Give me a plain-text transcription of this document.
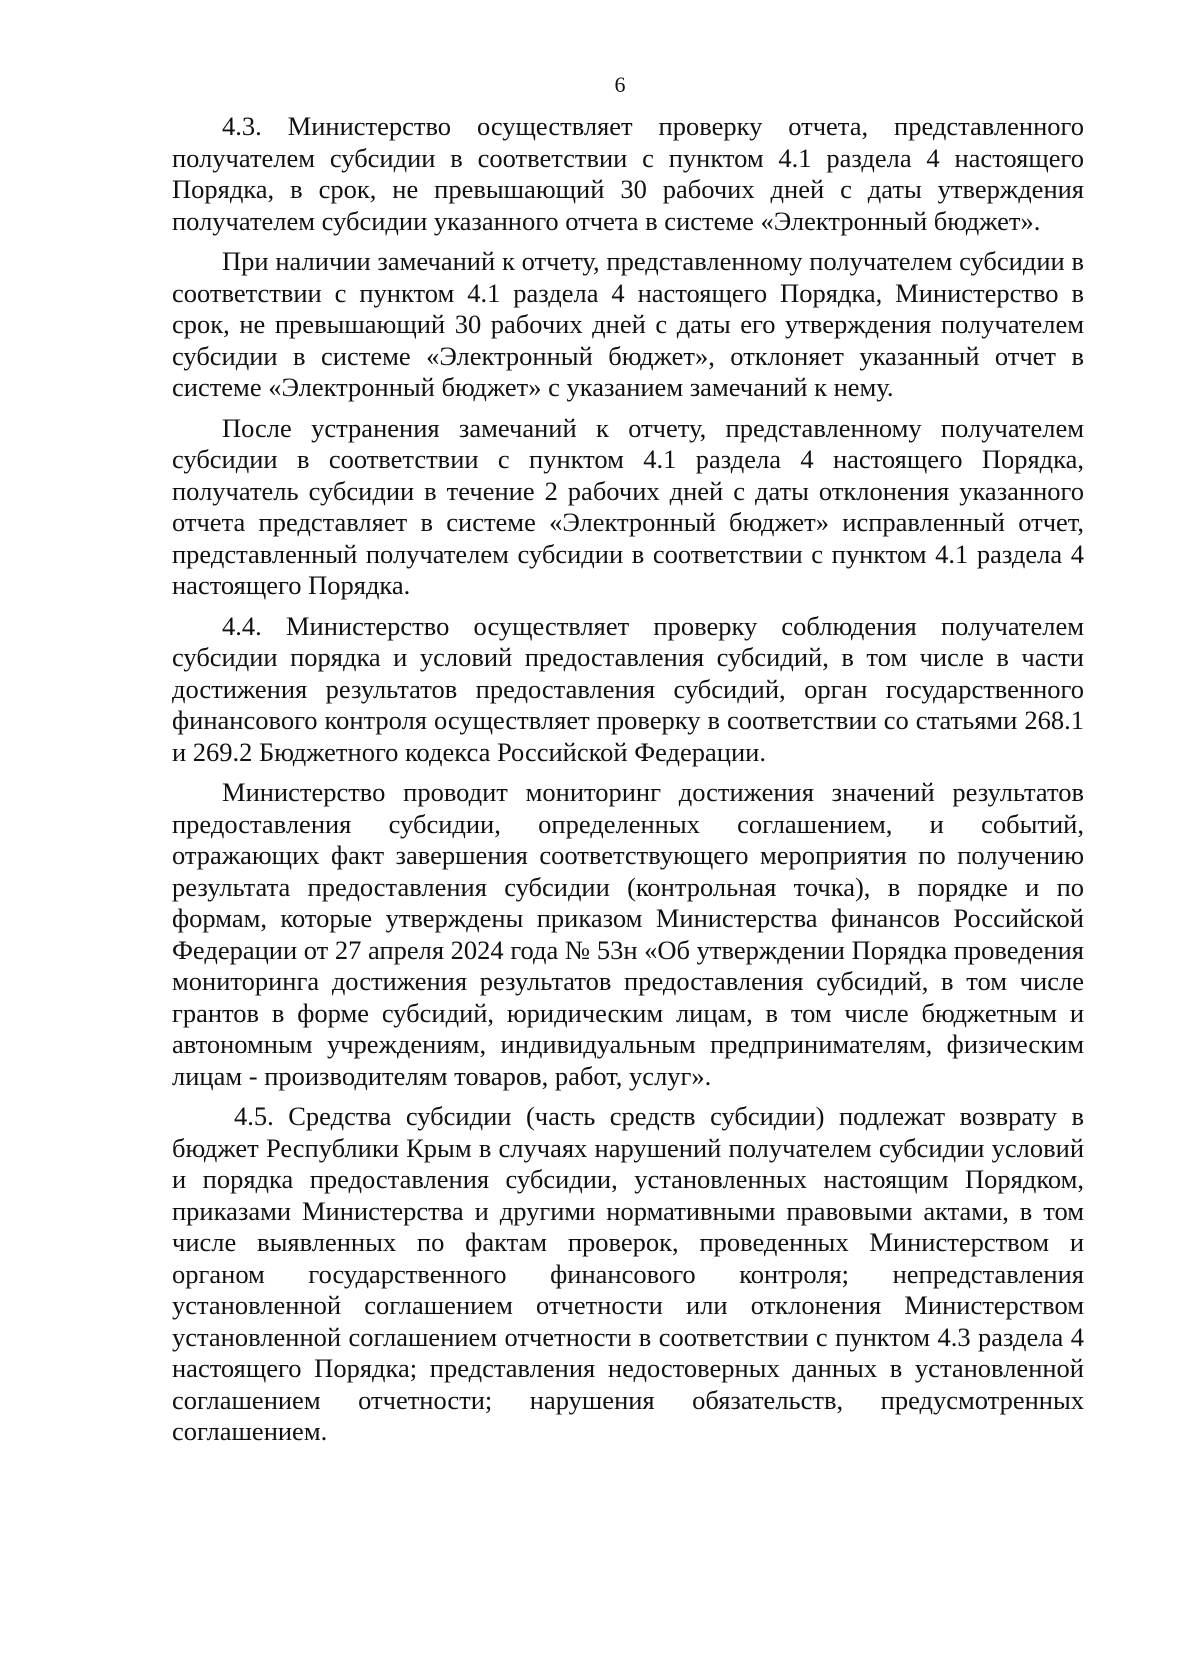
6

4.3. Министерство осуществляет проверку отчета, представленного получателем субсидии в соответствии с пунктом 4.1 раздела 4 настоящего Порядка, в срок, не превышающий 30 рабочих дней с даты утверждения получателем субсидии указанного отчета в системе «Электронный бюджет».

При наличии замечаний к отчету, представленному получателем субсидии в соответствии с пунктом 4.1 раздела 4 настоящего Порядка, Министерство в срок, не превышающий 30 рабочих дней с даты его утверждения получателем субсидии в системе «Электронный бюджет», отклоняет указанный отчет в системе «Электронный бюджет» с указанием замечаний к нему.

После устранения замечаний к отчету, представленному получателем субсидии в соответствии с пунктом 4.1 раздела 4 настоящего Порядка, получатель субсидии в течение 2 рабочих дней с даты отклонения указанного отчета представляет в системе «Электронный бюджет» исправленный отчет, представленный получателем субсидии в соответствии с пунктом 4.1 раздела 4 настоящего Порядка.

4.4. Министерство осуществляет проверку соблюдения получателем субсидии порядка и условий предоставления субсидий, в том числе в части достижения результатов предоставления субсидий, орган государственного финансового контроля осуществляет проверку в соответствии со статьями 268.1 и 269.2 Бюджетного кодекса Российской Федерации.

Министерство проводит мониторинг достижения значений результатов предоставления субсидии, определенных соглашением, и событий, отражающих факт завершения соответствующего мероприятия по получению результата предоставления субсидии (контрольная точка), в порядке и по формам, которые утверждены приказом Министерства финансов Российской Федерации от 27 апреля 2024 года № 53н «Об утверждении Порядка проведения мониторинга достижения результатов предоставления субсидий, в том числе грантов в форме субсидий, юридическим лицам, в том числе бюджетным и автономным учреждениям, индивидуальным предпринимателям, физическим лицам - производителям товаров, работ, услуг».

4.5. Средства субсидии (часть средств субсидии) подлежат возврату в бюджет Республики Крым в случаях нарушений получателем субсидии условий и порядка предоставления субсидии, установленных настоящим Порядком, приказами Министерства и другими нормативными правовыми актами, в том числе выявленных по фактам проверок, проведенных Министерством и органом государственного финансового контроля; непредставления установленной соглашением отчетности или отклонения Министерством установленной соглашением отчетности в соответствии с пунктом 4.3 раздела 4 настоящего Порядка; представления недостоверных данных в установленной соглашением отчетности; нарушения обязательств, предусмотренных соглашением.
